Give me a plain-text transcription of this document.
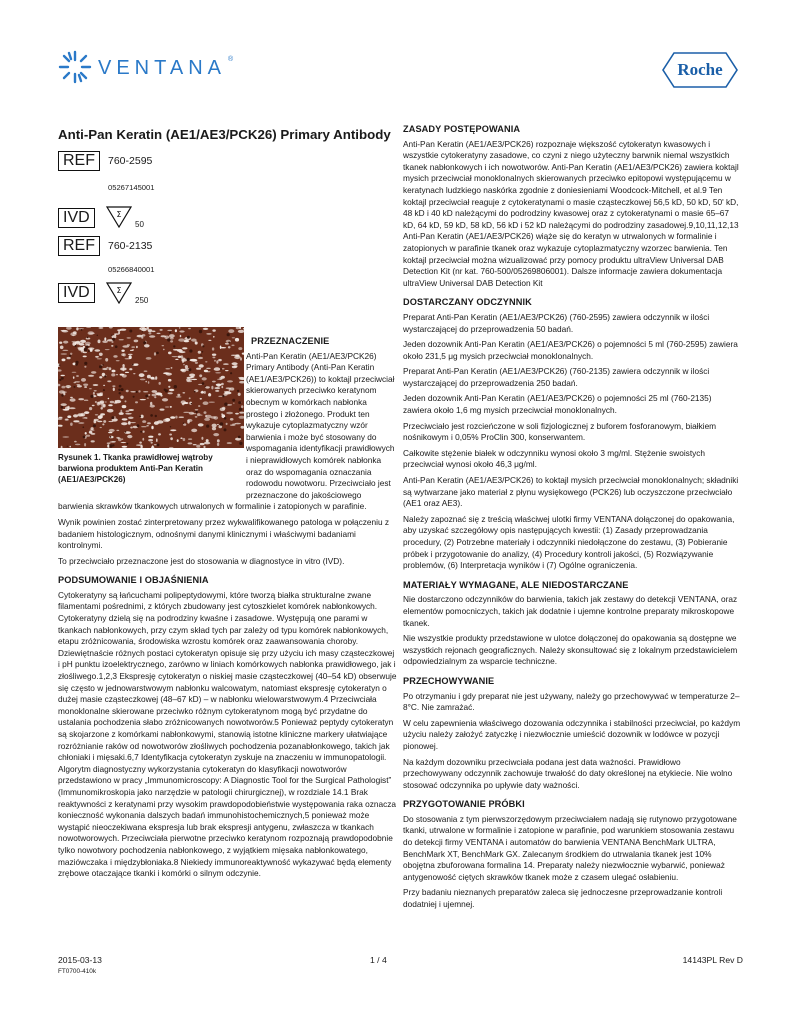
VENTANA ®
Roche
Anti-Pan Keratin (AE1/AE3/PCK26) Primary Antibody
REF	760-2595
05267145001
IVD	Σ
50
REF	760-2135
05266840001
IVD	Σ
250
Rysunek 1. Tkanka prawidłowej wątroby barwiona produktem Anti-Pan Keratin (AE1/AE3/PCK26)
PRZEZNACZENIE

Anti-Pan Keratin (AE1/AE3/PCK26) Primary Antibody (Anti-Pan Keratin (AE1/AE3/PCK26)) to koktajl przeciwciał skierowanych przeciwko keratynom obecnym w komórkach nabłonka prostego i złożonego. Produkt ten wykazuje cytoplazmatyczny wzór barwienia i może być stosowany do wspomagania identyfikacji prawidłowych i nieprawidłowych komórek nabłonka oraz do wspomagania oznaczania rodowodu nowotworu. Przeciwciało jest przeznaczone do jakościowego barwienia skrawków tkankowych utrwalonych w formalinie i zatopionych w parafinie.

Wynik powinien zostać zinterpretowany przez wykwalifikowanego patologa w połączeniu z badaniem histologicznym, odnośnymi danymi klinicznymi i właściwymi badaniami kontrolnymi.

To przeciwciało przeznaczone jest do stosowania w diagnostyce in vitro (IVD).

PODSUMOWANIE I OBJAŚNIENIA

Cytokeratyny są łańcuchami polipeptydowymi, które tworzą białka strukturalne zwane filamentami pośrednimi, z których zbudowany jest cytoszkielet komórek nabłonkowych. Cytokeratyny dzielą się na podrodziny kwaśne i zasadowe. Występują one parami w tkankach nabłonkowych, przy czym skład tych par zależy od typu komórek nabłonkowych, etapu zróżnicowania, środowiska wzrostu komórek oraz zaawansowania choroby. Dziewiętnaście różnych postaci cytokeratyn opisuje się przy użyciu ich masy cząsteczkowej i pH punktu izoelektrycznego, zarówno w liniach komórkowych nabłonka prawidłowego, jak i złośliwego.1,2,3 Ekspresję cytokeratyn o niskiej masie cząsteczkowej (40–54 kD) obserwuje się często w jednowarstwowym nabłonku walcowatym, natomiast ekspresję cytokeratyn o dużej masie cząsteczkowej (48–67 kD) – w nabłonku wielowarstwowym.4 Przeciwciała monoklonalne skierowane przeciwko różnym cytokeratynom mogą być przydatne do ustalania pochodzenia słabo zróżnicowanych nowotworów.5 Ponieważ peptydy cytokeratyn są skojarzone z komórkami nabłonkowymi, stanowią istotne kliniczne markery ułatwiające rozróżnianie raków od nowotworów złośliwych pochodzenia pozanabłonkowego, takich jak chłoniaki i mięsaki.6,7 Identyfikacja cytokeratyn zyskuje na znaczeniu w immunopatologii. Algorytm diagnostyczny wykorzystania cytokeratyn do klasyfikacji nowotworów przedstawiono w pracy „Immunomicroscopy: A Diagnostic Tool for the Surgical Pathologist” (Immunomikroskopia jako narzędzie w patologii chirurgicznej), w rozdziale 14.1 Brak reaktywności z keratynami przy wysokim prawdopodobieństwie występowania raka oznacza konieczność wykonania dalszych badań immunohistochemicznych,5 ponieważ może wystąpić nieoczekiwana ekspresja lub brak ekspresji antygenu, zwłaszcza w tkankach nowotworowych. Przeciwciała pierwotne przeciwko keratynom rozpoznają prawdopodobnie tylko nowotwory pochodzenia nabłonkowego, z wyjątkiem mięsaka nabłonkowatego, maziówczaka i międzybłoniaka.8 Niekiedy immunoreaktywność wykazywać będą elementy zrębowe otaczające tkanki i komórki o silnym odczynie.

ZASADY POSTĘPOWANIA

Anti-Pan Keratin (AE1/AE3/PCK26) rozpoznaje większość cytokeratyn kwasowych i wszystkie cytokeratyny zasadowe, co czyni z niego użyteczny barwnik niemal wszystkich tkanek nabłonkowych i ich nowotworów. Anti-Pan Keratin (AE1/AE3/PCK26) zawiera koktajl mysich przeciwciał monoklonalnych skierowanych przeciwko epitopowi występującemu w keratynach ludzkiego naskórka zgodnie z doniesieniami Woodcock-Mitchell, et al.9 Ten koktajl przeciwciał reaguje z cytokeratynami o masie cząsteczkowej 56,5 kD, 50 kD, 50' kD, 48 kD i 40 kD należącymi do podrodziny kwasowej oraz z cytokeratynami o masie 65–67 kD, 64 kD, 59 kD, 58 kD, 56 kD i 52 kD należącymi do podrodziny zasadowej.9,10,11,12,13 Anti-Pan Keratin (AE1/AE3/PCK26) wiąże się do keratyn w utrwalonych w formalinie i zatopionych w parafinie tkanek oraz wykazuje cytoplazmatyczny wzorzec barwienia. Ten koktajl przeciwciał można wizualizować przy pomocy produktu ultraView Universal DAB Detection Kit (nr kat. 760-500/05269806001). Dalsze informacje zawiera dokumentacja ultraView Universal DAB Detection Kit

DOSTARCZANY ODCZYNNIK

Preparat Anti-Pan Keratin (AE1/AE3/PCK26) (760-2595) zawiera odczynnik w ilości wystarczającej do przeprowadzenia 50 badań.

Jeden dozownik Anti-Pan Keratin (AE1/AE3/PCK26) o pojemności 5 ml (760-2595) zawiera około 231,5 μg mysich przeciwciał monoklonalnych.

Preparat Anti-Pan Keratin (AE1/AE3/PCK26) (760-2135) zawiera odczynnik w ilości wystarczającej do przeprowadzenia 250 badań.

Jeden dozownik Anti-Pan Keratin (AE1/AE3/PCK26) o pojemności 25 ml (760-2135) zawiera około 1,6 mg mysich przeciwciał monoklonalnych.

Przeciwciało jest rozcieńczone w soli fizjologicznej z buforem fosforanowym, białkiem nośnikowym i 0,05% ProClin 300, konserwantem.

Całkowite stężenie białek w odczynniku wynosi około 3 mg/ml. Stężenie swoistych przeciwciał wynosi około 46,3 μg/ml.

Anti-Pan Keratin (AE1/AE3/PCK26) to koktajl mysich przeciwciał monoklonalnych; składniki są wytwarzane jako materiał z płynu wysiękowego (PCK26) lub oczyszczone przeciwciało (AE1 oraz AE3).

Należy zapoznać się z treścią właściwej ulotki firmy VENTANA dołączonej do opakowania, aby uzyskać szczegółowy opis następujących kwestii: (1) Zasady przeprowadzania procedury, (2) Potrzebne materiały i odczynniki niedołączone do zestawu, (3) Pobieranie próbek i przygotowanie do analizy, (4) Procedury kontroli jakości, (5) Rozwiązywanie problemów, (6) Interpretacja wyników i (7) Ogólne ograniczenia.

MATERIAŁY WYMAGANE, ALE NIEDOSTARCZANE

Nie dostarczono odczynników do barwienia, takich jak zestawy do detekcji VENTANA, oraz elementów pomocniczych, takich jak dodatnie i ujemne kontrolne preparaty mikroskopowe tkanek.

Nie wszystkie produkty przedstawione w ulotce dołączonej do opakowania są dostępne we wszystkich rejonach geograficznych. Należy skonsultować się z lokalnym przedstawicielem odpowiedzialnym za wsparcie techniczne.

PRZECHOWYWANIE

Po otrzymaniu i gdy preparat nie jest używany, należy go przechowywać w temperaturze 2–8°C. Nie zamrażać.

W celu zapewnienia właściwego dozowania odczynnika i stabilności przeciwciał, po każdym użyciu należy założyć zatyczkę i niezwłocznie umieścić dozownik w lodówce w pozycji pionowej.

Na każdym dozowniku przeciwciała podana jest data ważności. Prawidłowo przechowywany odczynnik zachowuje trwałość do daty określonej na etykiecie. Nie wolno stosować odczynnika po upływie daty ważności.

PRZYGOTOWANIE PRÓBKI

Do stosowania z tym pierwszorzędowym przeciwciałem nadają się rutynowo przygotowane tkanki, utrwalone w formalinie i zatopione w parafinie, pod warunkiem stosowania zestawu do detekcji firmy VENTANA i automatów do barwienia VENTANA BenchMark ULTRA, BenchMark XT, BenchMark GX. Zalecanym środkiem do utrwalania tkanek jest 10% obojętna zbuforowana formalina 14. Preparaty należy niezwłocznie wybarwić, ponieważ antygenowość ciętych skrawków tkanek może z czasem ulegać osłabieniu.

Przy badaniu nieznanych preparatów zaleca się jednoczesne przeprowadzanie kontroli dodatniej i ujemnej.

2015-03-13
FT0700-410k
1 / 4	14143PL Rev D
